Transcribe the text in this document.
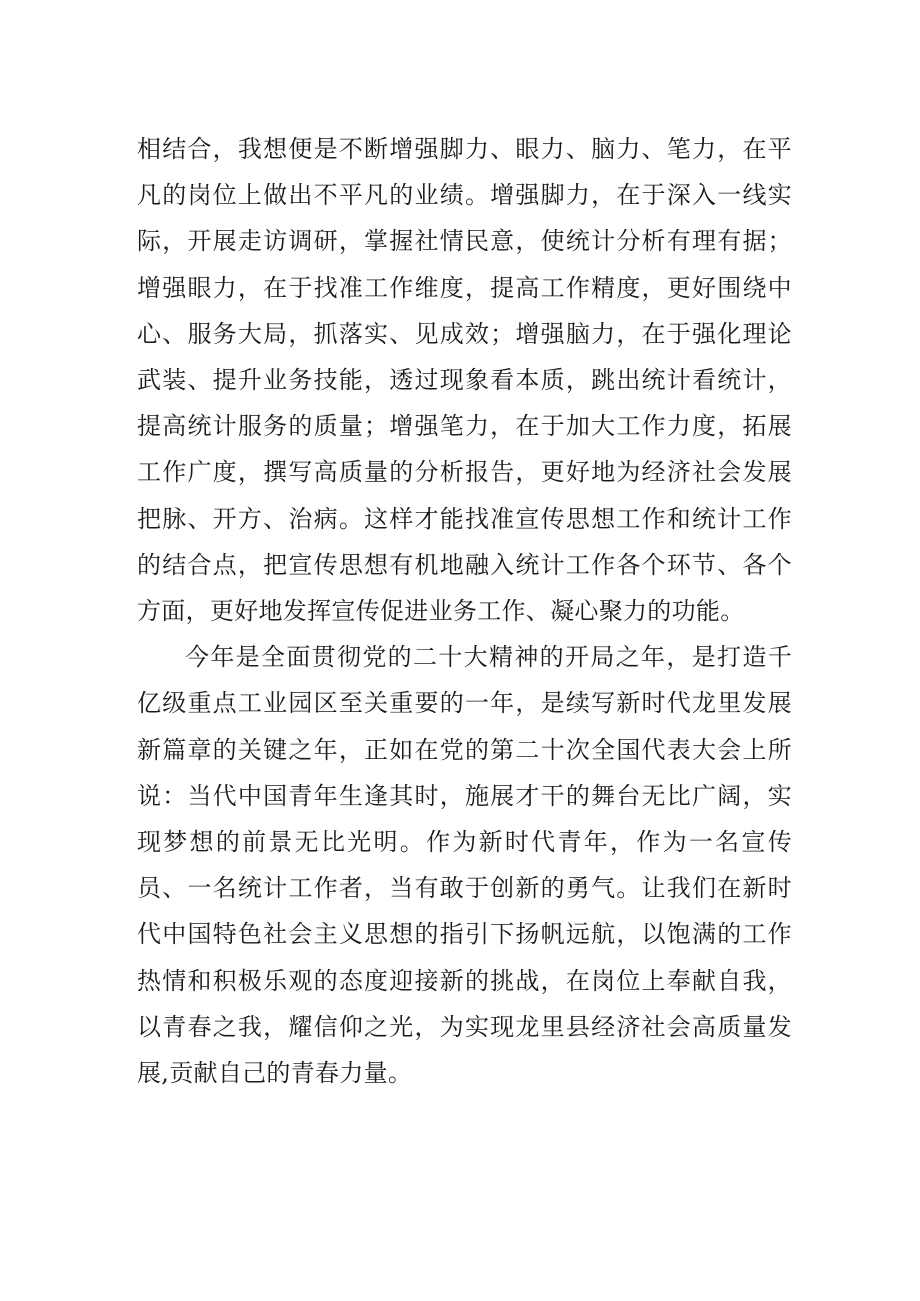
相结合，我想便是不断增强脚力、眼力、脑力、笔力，在平凡的岗位上做出不平凡的业绩。增强脚力，在于深入一线实际，开展走访调研，掌握社情民意，使统计分析有理有据；增强眼力，在于找准工作维度，提高工作精度，更好围绕中心、服务大局，抓落实、见成效；增强脑力，在于强化理论武装、提升业务技能，透过现象看本质，跳出统计看统计，提高统计服务的质量；增强笔力，在于加大工作力度，拓展工作广度，撰写高质量的分析报告，更好地为经济社会发展把脉、开方、治病。这样才能找准宣传思想工作和统计工作的结合点，把宣传思想有机地融入统计工作各个环节、各个方面，更好地发挥宣传促进业务工作、凝心聚力的功能。

今年是全面贯彻党的二十大精神的开局之年，是打造千亿级重点工业园区至关重要的一年，是续写新时代龙里发展新篇章的关键之年，正如在党的第二十次全国代表大会上所说：当代中国青年生逢其时，施展才干的舞台无比广阔，实现梦想的前景无比光明。作为新时代青年，作为一名宣传员、一名统计工作者，当有敢于创新的勇气。让我们在新时代中国特色社会主义思想的指引下扬帆远航，以饱满的工作热情和积极乐观的态度迎接新的挑战，在岗位上奉献自我，以青春之我，耀信仰之光，为实现龙里县经济社会高质量发展,贡献自己的青春力量。
